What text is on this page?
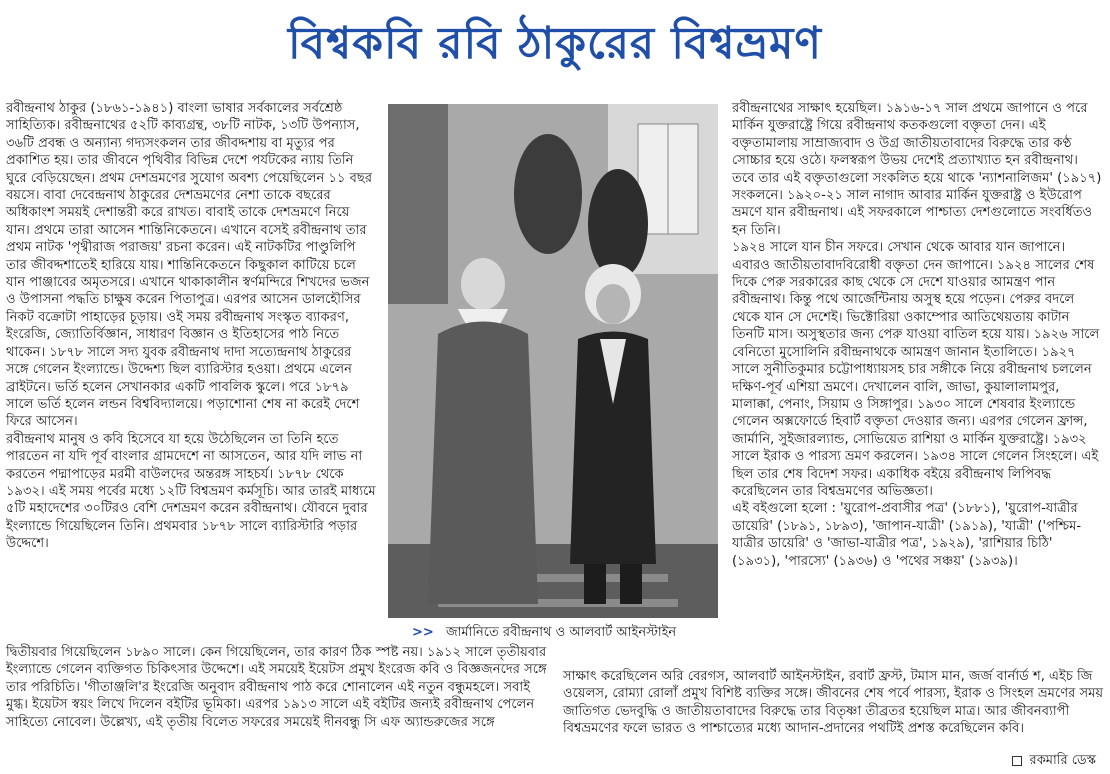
বিশ্বকবি রবি ঠাকুরের বিশ্বভ্রমণ

রবীন্দ্রনাথ ঠাকুর (১৮৬১-১৯৪১) বাংলা ভাষার সর্বকালের সর্বশ্রেষ্ঠ সাহিত্যিক। রবীন্দ্রনাথের ৫২টি কাব্যগ্রন্থ, ৩৮টি নাটক, ১৩টি উপন্যাস, ৩৬টি প্রবন্ধ ও অন্যান্য গদ্যসংকলন তার জীবদ্দশায় বা মৃত্যুর পর প্রকাশিত হয়। তার জীবনে পৃথিবীর বিভিন্ন দেশে পর্যটকের ন্যায় তিনি ঘুরে বেড়িয়েছেন। প্রথম দেশভ্রমণের সুযোগ অবশ্য পেয়েছিলেন ১১ বছর বয়সে। বাবা দেবেন্দ্রনাথ ঠাকুরের দেশভ্রমণের নেশা তাকে বছরের অধিকাংশ সময়ই দেশান্তরী করে রাখত। বাবাই তাকে দেশভ্রমণে নিয়ে যান। প্রথমে তারা আসেন শান্তিনিকেতনে। এখানে বসেই রবীন্দ্রনাথ তার প্রথম নাটক 'পৃথ্বীরাজ পরাজয়' রচনা করেন। এই নাটকটির পাণ্ডুলিপি তার জীবদ্দশাতেই হারিয়ে যায়। শান্তিনিকেতনে কিছুকাল কাটিয়ে চলে যান পাঞ্জাবের অমৃতসরে। এখানে থাকাকালীন স্বর্ণমন্দিরে শিখদের ভজন ও উপাসনা পদ্ধতি চাক্ষুষ করেন পিতাপুত্র। এরপর আসেন ডালহৌসির নিকট বক্রোটা পাহাড়ের চূড়ায়। ওই সময় রবীন্দ্রনাথ সংস্কৃত ব্যাকরণ, ইংরেজি, জ্যোতির্বিজ্ঞান, সাধারণ বিজ্ঞান ও ইতিহাসের পাঠ নিতে থাকেন। ১৮৭৮ সালে সদ্য যুবক রবীন্দ্রনাথ দাদা সত্যেন্দ্রনাথ ঠাকুরের সঙ্গে গেলেন ইংল্যান্ডে। উদ্দেশ্য ছিল ব্যারিস্টার হওয়া। প্রথমে এলেন ব্রাইটনে। ভর্তি হলেন সেখানকার একটি পাবলিক স্কুলে। পরে ১৮৭৯ সালে ভর্তি হলেন লন্ডন বিশ্ববিদ্যালয়ে। পড়াশোনা শেষ না করেই দেশে ফিরে আসেন।

রবীন্দ্রনাথ মানুষ ও কবি হিসেবে যা হয়ে উঠেছিলেন তা তিনি হতে পারতেন না যদি পূর্ব বাংলার গ্রামদেশে না আসতেন, আর যদি লাভ না করতেন পদ্মাপাড়ের মরমী বাউলদের অন্তরঙ্গ সাহচর্য। ১৮৭৮ থেকে ১৯৩২। এই সময় পর্বের মধ্যে ১২টি বিশ্বভ্রমণ কর্মসূচি। আর তারই মাধ্যমে ৫টি মহাদেশের ৩০টিরও বেশি দেশভ্রমণ করেন রবীন্দ্রনাথ। যৌবনে দুবার ইংল্যান্ডে গিয়েছিলেন তিনি। প্রথমবার ১৮৭৮ সালে ব্যারিস্টারি পড়ার উদ্দেশে।

দ্বিতীয়বার গিয়েছিলেন ১৮৯০ সালে। কেন গিয়েছিলেন, তার কারণ ঠিক স্পষ্ট নয়। ১৯১২ সালে তৃতীয়বার ইংল্যান্ডে গেলেন ব্যক্তিগত চিকিৎসার উদ্দেশে। এই সময়েই ইয়েটস প্রমুখ ইংরেজ কবি ও বিজ্ঞজনদের সঙ্গে তার পরিচিতি। 'গীতাঞ্জলি'র ইংরেজি অনুবাদ রবীন্দ্রনাথ পাঠ করে শোনালেন এই নতুন বন্ধুমহলে। সবাই মুগ্ধ। ইয়েটস স্বয়ং লিখে দিলেন বইটির ভূমিকা। এরপর ১৯১৩ সালে এই বইটির জন্যই রবীন্দ্রনাথ পেলেন সাহিত্যে নোবেল। উল্লেখ্য, এই তৃতীয় বিলেত সফরের সময়েই দীনবন্ধু সি এফ অ্যান্ডরুজের সঙ্গে

>> জার্মানিতে রবীন্দ্রনাথ ও আলবার্ট আইনস্টাইন

রবীন্দ্রনাথের সাক্ষাৎ হয়েছিল। ১৯১৬-১৭ সাল প্রথমে জাপানে ও পরে মার্কিন যুক্তরাষ্ট্রে গিয়ে রবীন্দ্রনাথ কতকগুলো বক্তৃতা দেন। এই বক্তৃতামালায় সাম্রাজ্যবাদ ও উগ্র জাতীয়তাবাদের বিরুদ্ধে তার কণ্ঠ সোচ্চার হয়ে ওঠে। ফলস্বরূপ উভয় দেশেই প্রত্যাখ্যাত হন রবীন্দ্রনাথ। তবে তার এই বক্তৃতাগুলো সংকলিত হয়ে থাকে 'ন্যাশনালিজম' (১৯১৭) সংকলনে। ১৯২০-২১ সাল নাগাদ আবার মার্কিন যুক্তরাষ্ট্র ও ইউরোপ ভ্রমণে যান রবীন্দ্রনাথ। এই সফরকালে পাশ্চাত্য দেশগুলোতে সংবর্ধিতও হন তিনি।

১৯২৪ সালে যান চীন সফরে। সেখান থেকে আবার যান জাপানে। এবারও জাতীয়তাবাদবিরোধী বক্তৃতা দেন জাপানে। ১৯২৪ সালের শেষ দিকে পেরু সরকারের কাছ থেকে সে দেশে যাওয়ার আমন্ত্রণ পান রবীন্দ্রনাথ। কিন্তু পথে আর্জেন্টিনায় অসুস্থ হয়ে পড়েন। পেরুর বদলে থেকে যান সে দেশেই। ভিক্টোরিয়া ওকাম্পোর আতিথেয়তায় কাটান তিনটি মাস। অসুস্থতার জন্য পেরু যাওয়া বাতিল হয়ে যায়। ১৯২৬ সালে বেনিতো মুসোলিনি রবীন্দ্রনাথকে আমন্ত্রণ জানান ইতালিতে। ১৯২৭ সালে সুনীতিকুমার চট্টোপাধ্যায়সহ চার সঙ্গীকে নিয়ে রবীন্দ্রনাথ চললেন দক্ষিণ-পূর্ব এশিয়া ভ্রমণে। দেখালেন বালি, জাভা, কুয়ালালামপুর, মালাক্কা, পেনাং, সিয়াম ও সিঙ্গাপুর। ১৯৩০ সালে শেষবার ইংল্যান্ডে গেলেন অক্সফোর্ডে হিবার্ট বক্তৃতা দেওয়ার জন্য। এরপর গেলেন ফ্রান্স, জার্মানি, সুইজারল্যান্ড, সোভিয়েত রাশিয়া ও মার্কিন যুক্তরাষ্ট্রে। ১৯৩২ সালে ইরাক ও পারস্য ভ্রমণ করলেন। ১৯৩৪ সালে গেলেন সিংহলে। এই ছিল তার শেষ বিদেশ সফর। একাধিক বইয়ে রবীন্দ্রনাথ লিপিবদ্ধ করেছিলেন তার বিশ্বভ্রমণের অভিজ্ঞতা।

এই বইগুলো হলো : 'য়ুরোপ-প্রবাসীর পত্র' (১৮৮১), 'য়ুরোপ-যাত্রীর ডায়েরি' (১৮৯১, ১৮৯৩), 'জাপান-যাত্রী' (১৯১৯), 'যাত্রী' ('পশ্চিম-যাত্রীর ডায়েরি' ও 'জাভা-যাত্রীর পত্র', ১৯২৯), 'রাশিয়ার চিঠি' (১৯৩১), 'পারস্যে' (১৯৩৬) ও 'পথের সঞ্চয়' (১৯৩৯)।

সাক্ষাৎ করেছিলেন অরি বেরগস, আলবার্ট আইনস্টাইন, রবার্ট ফ্রস্ট, টমাস মান, জর্জ বার্নার্ড শ, এইচ জি ওয়েলস, রোম্যা রোলাঁ প্রমুখ বিশিষ্ট ব্যক্তির সঙ্গে। জীবনের শেষ পর্বে পারস্য, ইরাক ও সিংহল ভ্রমণের সময় জাতিগত ভেদবুদ্ধি ও জাতীয়তাবাদের বিরুদ্ধে তার বিতৃষ্ণা তীব্রতর হয়েছিল মাত্র। আর জীবনব্যাপী বিশ্বভ্রমণের ফলে ভারত ও পাশ্চাত্যের মধ্যে আদান-প্রদানের পথটিই প্রশস্ত করেছিলেন কবি।

রকমারি ডেস্ক
